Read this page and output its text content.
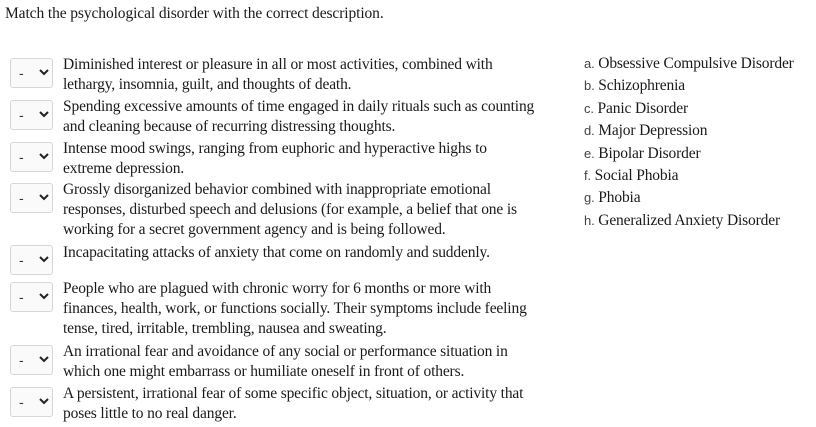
Match the psychological disorder with the correct description.
-	Diminished interest or pleasure in all or most activities, combined with
lethargy, insomnia, guilt, and thoughts of death.
-	Spending excessive amounts of time engaged in daily rituals such as counting
and cleaning because of recurring distressing thoughts.
-	Intense mood swings, ranging from euphoric and hyperactive highs to
extreme depression.
-	Grossly disorganized behavior combined with inappropriate emotional
responses, disturbed speech and delusions (for example, a belief that one is
working for a secret government agency and is being followed.
-	Incapacitating attacks of anxiety that come on randomly and suddenly.
-	People who are plagued with chronic worry for 6 months or more with
finances, health, work, or functions socially. Their symptoms include feeling
tense, tired, irritable, trembling, nausea and sweating.
-	An irrational fear and avoidance of any social or performance situation in
which one might embarrass or humiliate oneself in front of others.
-	A persistent, irrational fear of some specific object, situation, or activity that
poses little to no real danger.
a. Obsessive Compulsive Disorder
b. Schizophrenia
c. Panic Disorder
d. Major Depression
e. Bipolar Disorder
f. Social Phobia
g. Phobia
h. Generalized Anxiety Disorder
